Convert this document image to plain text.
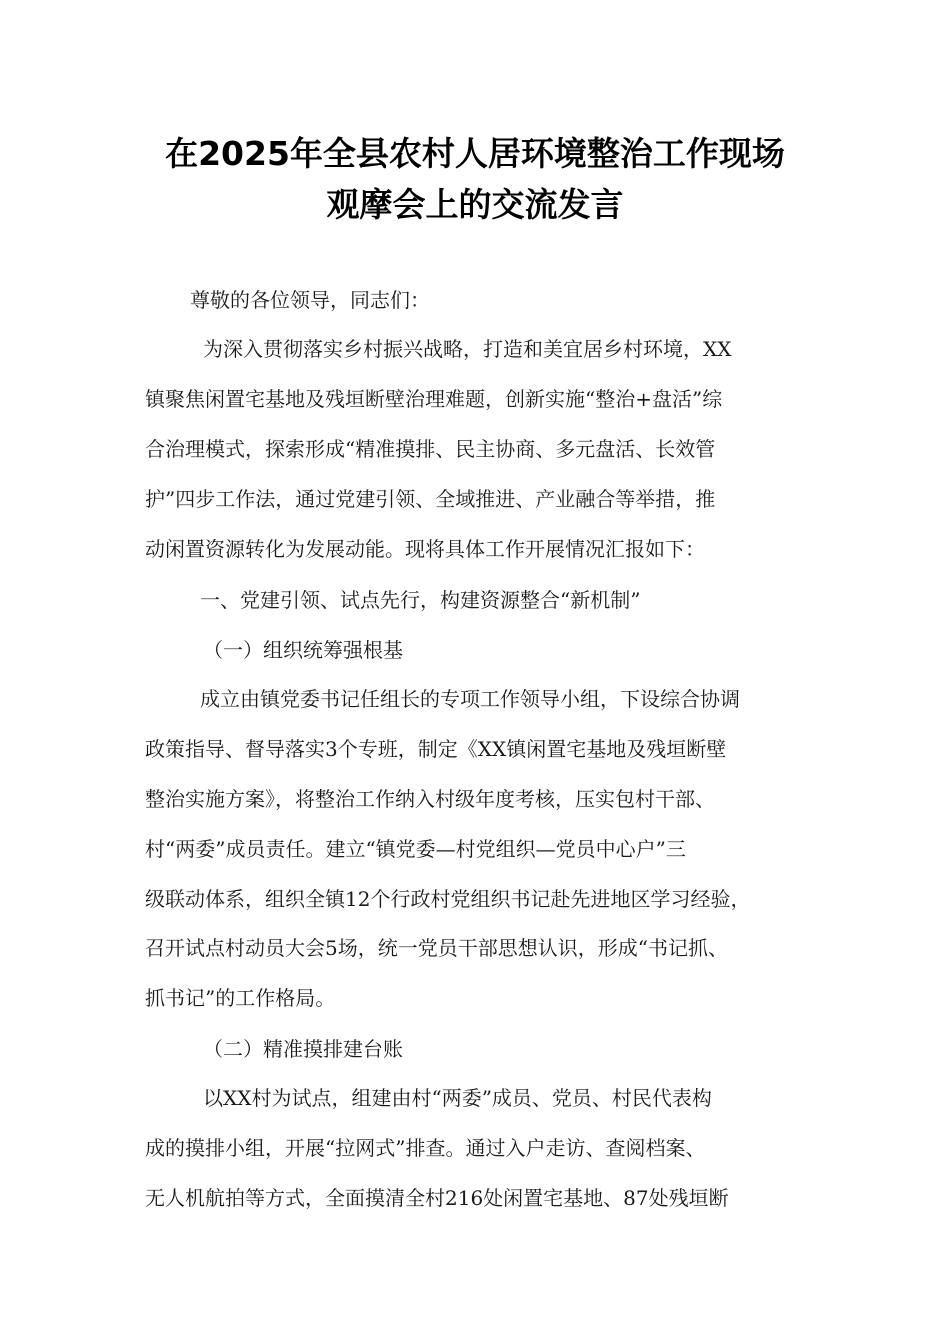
在2025年全县农村人居环境整治工作现场
观摩会上的交流发言
尊敬的各位领导，同志们：
为深入贯彻落实乡村振兴战略，打造和美宜居乡村环境，XX
镇聚焦闲置宅基地及残垣断壁治理难题，创新实施“整治+盘活”综
合治理模式，探索形成“精准摸排、民主协商、多元盘活、长效管
护”四步工作法，通过党建引领、全域推进、产业融合等举措，推
动闲置资源转化为发展动能。现将具体工作开展情况汇报如下：
一、党建引领、试点先行，构建资源整合“新机制”
（一）组织统筹强根基
成立由镇党委书记任组长的专项工作领导小组，下设综合协调
政策指导、督导落实3个专班，制定《XX镇闲置宅基地及残垣断壁
整治实施方案》，将整治工作纳入村级年度考核，压实包村干部、
村“两委”成员责任。建立“镇党委—村党组织—党员中心户”三
级联动体系，组织全镇12个行政村党组织书记赴先进地区学习经验，
召开试点村动员大会5场，统一党员干部思想认识，形成“书记抓、
抓书记”的工作格局。
（二）精准摸排建台账
以XX村为试点，组建由村“两委”成员、党员、村民代表构
成的摸排小组，开展“拉网式”排查。通过入户走访、查阅档案、
无人机航拍等方式，全面摸清全村216处闲置宅基地、87处残垣断
